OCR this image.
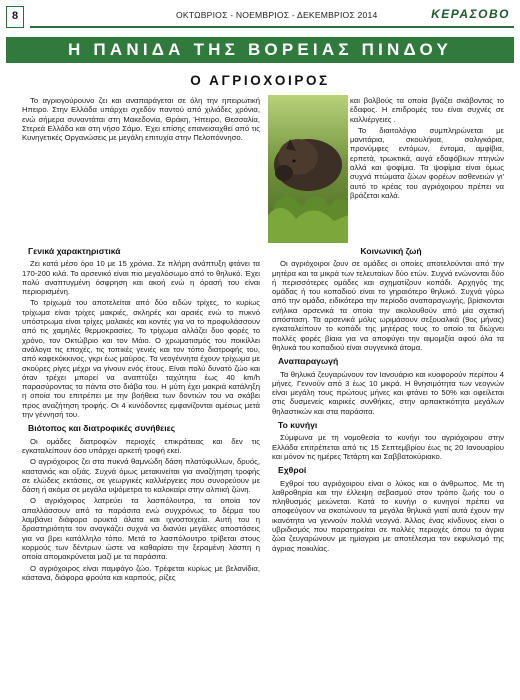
8	ΟΚΤΩΒΡΙΟΣ - ΝΟΕΜΒΡΙΟΣ - ΔΕΚΕΜΒΡΙΟΣ 2014	ΚΕΡΑΣΟΒΟ
Η ΠΑΝΙΔΑ ΤΗΣ ΒΟΡΕΙΑΣ ΠΙΝΔΟΥ
Ο ΑΓΡΙΟΧΟΙΡΟΣ

Το αγριογούρουνο ζει και αναπαράγεται σε όλη την ηπειρωτική Ηπειρο. Στην Ελλάδα υπάρχει σχεδόν παντού από χιλιάδες χρόνια, ενώ σήμερα συναντάται στη Μακεδονία, Θράκη, Ήπειρο, Θεσσαλία, Στερεά Ελλάδα και στη νήσο Σάμο. Έχει επίσης επανεισαχθεί από τις Κυνηγετικές Οργανώσεις με μεγάλη επιτυχία στην Πελοπόννησο.

Γενικά χαρακτηριστικά

Ζει κατά μέσο όρο 10 με 15 χρόνια. Σε πλήρη ανάπτυξη φτάνει τα 170-200 κιλά. Το αρσενικό είναι πιο μεγαλόσωμο από το θηλυκό. Έχει πολύ αναπτυγμένη όσφρηση και ακοή ενώ η όρασή του είναι περιορισμένη.

Το τρίχωμά του αποτελείται από δύο ειδών τρίχες, το κυρίως τρίχωμα είναι τρίχες μακριές, σκληρές και αραιές ενώ το πυκνό υπόστρωμα είναι τρίχες μαλακές και κοντές για να το προφυλάσσουν από τις χαμηλές θερμοκρασίες. Το τρίχωμα αλλάζει δυο φορές το χρόνο, τον Οκτώβριο και τον Μάιο. Ο χρωματισμός του ποικίλλει ανάλογα τις εποχές, τις τοπικές γενιές και τον τόπο διατροφής του, από καφεκόκκινος, γκρι έως μαύρος. Τα νεογέννητα έχουν τρίχωμα με σκούρες ρίγες μέχρι να γίνουν ενός έτους. Είναι πολύ δυνατό ζώο και όταν τρέχει μπορεί να αναπτύξει ταχύτητα έως 40 km/h παρασύροντας τα πάντα στο διάβα του. Η μύτη έχει μακριά κατάληξη η οποία του επιτρέπει με την βοήθεια των δοντιών του να σκάβει προς αναζήτηση τροφής. Οι 4 κυνόδοντες εμφανίζονται αμέσως μετά την γέννησή του.

Βιότοπος και διατροφικές συνήθειες

Οι ομάδες διατροφών περιοχές επικράτειας και δεν τις εγκαταλείπουν όσο υπάρχει αρκετή τροφή εκεί.

Ο αγριόχοιρος ζει στα πυκνά θαμνώδη δάση πλατύφυλλων, δρυός, καστανιάς και οξιάς. Συχνά όμως μετακινείται για αναζήτηση τροφής σε ελώδεις εκτάσεις, σε γεωργικές καλλιέργειες που συνορεύουν με δάση ή ακόμα σε μεγάλα υψόμετρα το καλοκαίρι στην αλπική ζώνη.

Ο αγριόχοιρος λατρεύει τα λασπόλουτρα, τα οποία τον απαλλάσσουν από τα παράσιτα ενώ συγχρόνως το δέρμα του λαμβάνει διάφορα ορυκτά άλατα και ιχνοστοιχεία. Αυτή του η δραστηριότητα τον αναγκάζει συχνά να διανύει μεγάλες αποστάσεις για να βρει κατάλληλο τόπο. Μετά το λασπόλουτρο τρίβεται στους κορμούς των δέντρων ώστε να καθαρίσει την ξεραμένη λάσπη η οποία απομακρύνεται μαζί με τα παράσιτα.

Ο αγριόχοιρος είναι παμφάγο ζώο. Τρέφεται κυρίως με βελανίδια, κάστανα, διάφορα φρούτα και καρπούς, ρίζες

και βολβούς τα οποία βγάζει σκάβοντας το έδαφος. Η επιδρομές του είναι συχνές σε καλλιέργειες .

Το διαιτολόγιο συμπληρώνεται με μανιτάρια, σκουλήκια, σαλιγκάρια, προνύμφες εντόμων, έντομα, αμφίβια, ερπετά, τρωκτικά, αυγά εδαφόβιων πτηνών αλλά και ψοφίμια. Τα ψοφίμια είναι όμως συχνά πτώματα ζώων φορέων ασθενειών γι' αυτό το κρέας του αγριόχοιρου πρέπει να βράζεται καλά.

Κοινωνική ζωή

Οι αγριόχοιροι ζουν σε ομάδες οι οποίες αποτελούνται από την μητέρα και τα μικρά των τελευταίων δύο ετών. Συχνά ενώνονται δύο ή περισσότερες ομάδες και σχηματίζουν κοπάδι. Αρχηγός της ομάδας ή του κοπαδιού είναι το γηραιότερο θηλυκό. Συχνά γύρω από την ομάδα, ειδικότερα την περίοδο αναπαραγωγής, βρίσκονται ενήλικα αρσενικά τα οποία την ακολουθούν από μία σχετική απόσταση. Τα αρσενικά μόλις ωριμάσουν σεξουαλικά (9ος μήνας) εγκαταλείπουν το κοπάδι της μητέρας τους το οποίο τα διώχνει πολλές φορές βίαια για να αποφύγει την αιμομιξία αφού όλα τα θηλυκά του κοπαδιού είναι συγγενικά άτομα.

Αναπαραγωγή

Τα θηλυκά ζευγαρώνουν τον Ιανουάριο και κυοφορούν περίπου 4 μήνες. Γεννούν από 3 έως 10 μικρά. Η θνησιμότητα των νεογνών είναι μεγάλη τους πρώτους μήνες και φτάνει το 50% και οφείλεται στις δυσμενείς καιρικές συνθήκες, στην αρπακτικότητα μεγάλων θηλαστικών και στα παράσιτα.

Το κυνήγι

Σύμφωνα με τη νομοθεσία το κυνήγι του αγριόχοιρου στην Ελλάδα επιτρέπεται από τις 15 Σεπτεμβρίου έως τις 20 Ιανουαρίου και μόνον τις ημέρες Τετάρτη και Σαββατοκύριακο.

Εχθροί

Εχθροί του αγριόχοιρου είναι ο λύκος και ο άνθρωπος. Με τη λαθροθηρία και την έλλειψη σεβασμού στον τρόπο ζωής του ο πληθυσμός μειώνεται. Κατά το κυνήγι ο κυνηγοί πρέπει να αποφεύγουν να σκοτώνουν τα μεγάλα θηλυκά γιατί αυτά έχουν την ικανότητα να γεννούν πολλά νεογνά. Άλλος ένας κίνδυνος είναι ο υβριδισμός που παρατηρείται σε πολλές περιοχές όπου τα άγρια ζώα ζευγαρώνουν με ημίαγρια με αποτέλεσμα τον εκφυλισμό της άγριας ποικιλίας.
